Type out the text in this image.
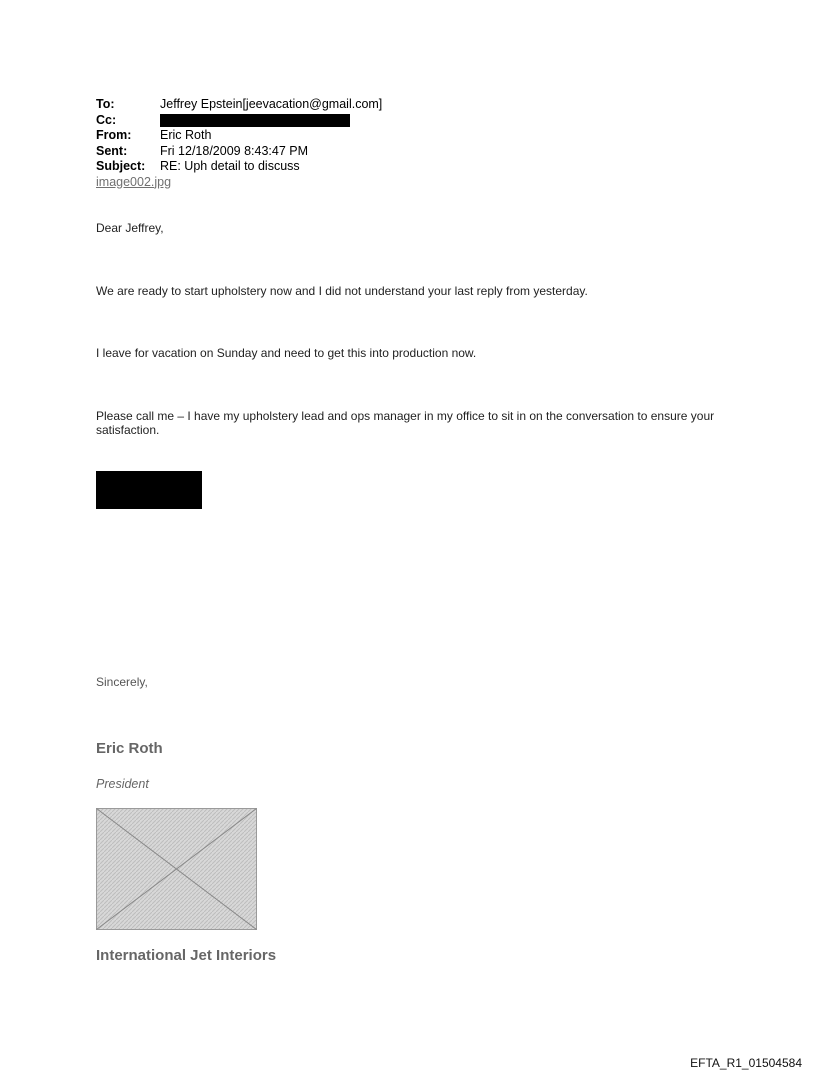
To:	Jeffrey Epstein[jeevacation@gmail.com]
Cc:
From:	Eric Roth
Sent:	Fri 12/18/2009 8:43:47 PM
Subject:	RE: Uph detail to discuss
image002.jpg
Dear Jeffrey,
We are ready to start upholstery now and I did not understand your last reply from yesterday.
I leave for vacation on Sunday and need to get this into production now.
Please call me – I have my upholstery lead and ops manager in my office to sit in on the conversation to ensure your satisfaction.
Sincerely,
Eric Roth
President
International Jet Interiors
EFTA_R1_01504584
